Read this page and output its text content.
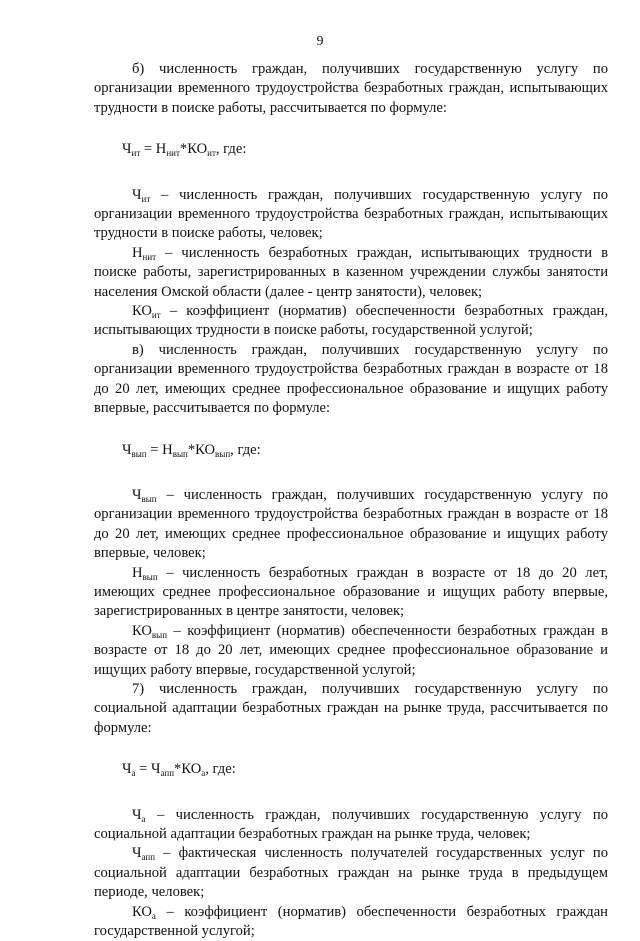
9

б) численность граждан, получивших государственную услугу по организации временного трудоустройства безработных граждан, испытывающих трудности в поиске работы, рассчитывается по формуле:

$Ч_{ит} = Н_{нит}*КО_{ит}$, где:

$Ч_{ит}$ – численность граждан, получивших государственную услугу по организации временного трудоустройства безработных граждан, испытывающих трудности в поиске работы, человек;

$Н_{нит}$ – численность безработных граждан, испытывающих трудности в поиске работы, зарегистрированных в казенном учреждении службы занятости населения Омской области (далее - центр занятости), человек;

$КО_{ит}$ – коэффициент (норматив) обеспеченности безработных граждан, испытывающих трудности в поиске работы, государственной услугой;

в) численность граждан, получивших государственную услугу по организации временного трудоустройства безработных граждан в возрасте от 18 до 20 лет, имеющих среднее профессиональное образование и ищущих работу впервые, рассчитывается по формуле:

$Ч_{вып} = Н_{вып}*КО_{вып}$, где:

$Ч_{вып}$ – численность граждан, получивших государственную услугу по организации временного трудоустройства безработных граждан в возрасте от 18 до 20 лет, имеющих среднее профессиональное образование и ищущих работу впервые, человек;

$Н_{вып}$ – численность безработных граждан в возрасте от 18 до 20 лет, имеющих среднее профессиональное образование и ищущих работу впервые, зарегистрированных в центре занятости, человек;

$КО_{вып}$ – коэффициент (норматив) обеспеченности безработных граждан в возрасте от 18 до 20 лет, имеющих среднее профессиональное образование и ищущих работу впервые, государственной услугой;

7) численность граждан, получивших государственную услугу по социальной адаптации безработных граждан на рынке труда, рассчитывается по формуле:

$Ч_а = Ч_{апп}*КО_а$, где:

$Ч_а$ – численность граждан, получивших государственную услугу по социальной адаптации безработных граждан на рынке труда, человек;

$Ч_{апп}$ – фактическая численность получателей государственных услуг по социальной адаптации безработных граждан на рынке труда в предыдущем периоде, человек;

$КО_а$ – коэффициент (норматив) обеспеченности безработных граждан государственной услугой;
